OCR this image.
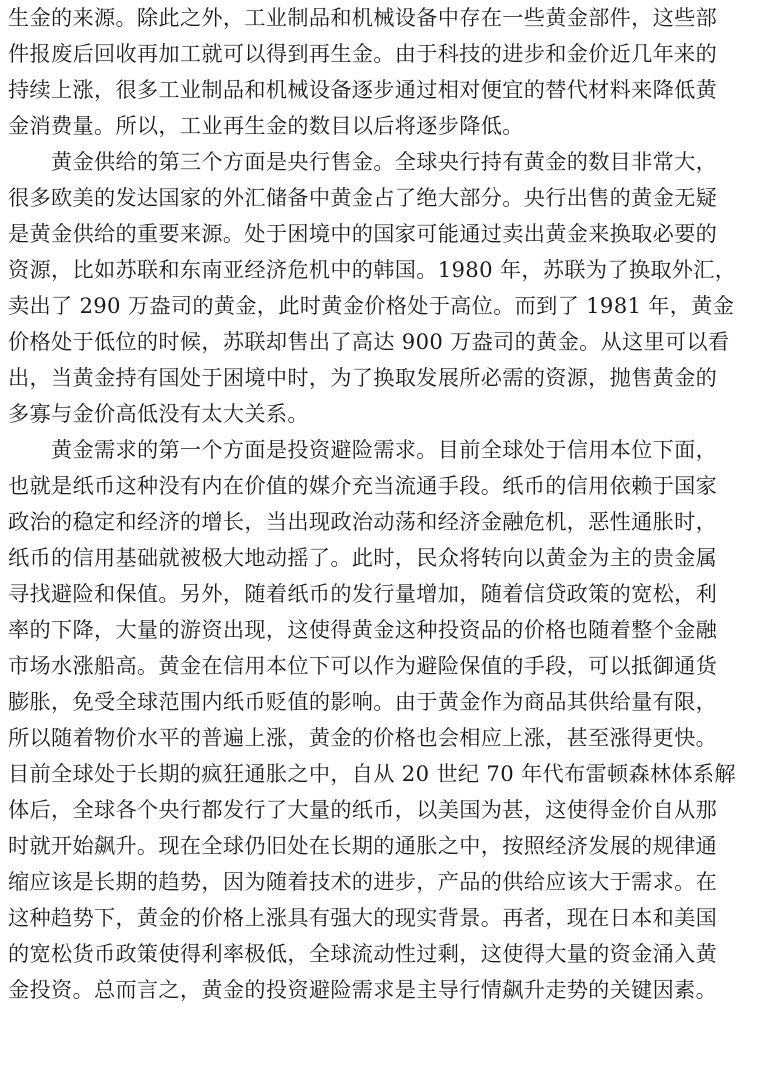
生金的来源。除此之外，工业制品和机械设备中存在一些黄金部件，这些部
件报废后回收再加工就可以得到再生金。由于科技的进步和金价近几年来的
持续上涨，很多工业制品和机械设备逐步通过相对便宜的替代材料来降低黄
金消费量。所以，工业再生金的数目以后将逐步降低。
黄金供给的第三个方面是央行售金。全球央行持有黄金的数目非常大，
很多欧美的发达国家的外汇储备中黄金占了绝大部分。央行出售的黄金无疑
是黄金供给的重要来源。处于困境中的国家可能通过卖出黄金来换取必要的
资源，比如苏联和东南亚经济危机中的韩国。1980 年，苏联为了换取外汇，
卖出了 290 万盎司的黄金，此时黄金价格处于高位。而到了 1981 年，黄金
价格处于低位的时候，苏联却售出了高达 900 万盎司的黄金。从这里可以看
出，当黄金持有国处于困境中时，为了换取发展所必需的资源，抛售黄金的
多寡与金价高低没有太大关系。
黄金需求的第一个方面是投资避险需求。目前全球处于信用本位下面，
也就是纸币这种没有内在价值的媒介充当流通手段。纸币的信用依赖于国家
政治的稳定和经济的增长，当出现政治动荡和经济金融危机，恶性通胀时，
纸币的信用基础就被极大地动摇了。此时，民众将转向以黄金为主的贵金属
寻找避险和保值。另外，随着纸币的发行量增加，随着信贷政策的宽松，利
率的下降，大量的游资出现，这使得黄金这种投资品的价格也随着整个金融
市场水涨船高。黄金在信用本位下可以作为避险保值的手段，可以抵御通货
膨胀，免受全球范围内纸币贬值的影响。由于黄金作为商品其供给量有限，
所以随着物价水平的普遍上涨，黄金的价格也会相应上涨，甚至涨得更快。
目前全球处于长期的疯狂通胀之中，自从 20 世纪 70 年代布雷顿森林体系解
体后，全球各个央行都发行了大量的纸币，以美国为甚，这使得金价自从那
时就开始飙升。现在全球仍旧处在长期的通胀之中，按照经济发展的规律通
缩应该是长期的趋势，因为随着技术的进步，产品的供给应该大于需求。在
这种趋势下，黄金的价格上涨具有强大的现实背景。再者，现在日本和美国
的宽松货币政策使得利率极低，全球流动性过剩，这使得大量的资金涌入黄
金投资。总而言之，黄金的投资避险需求是主导行情飙升走势的关键因素。
